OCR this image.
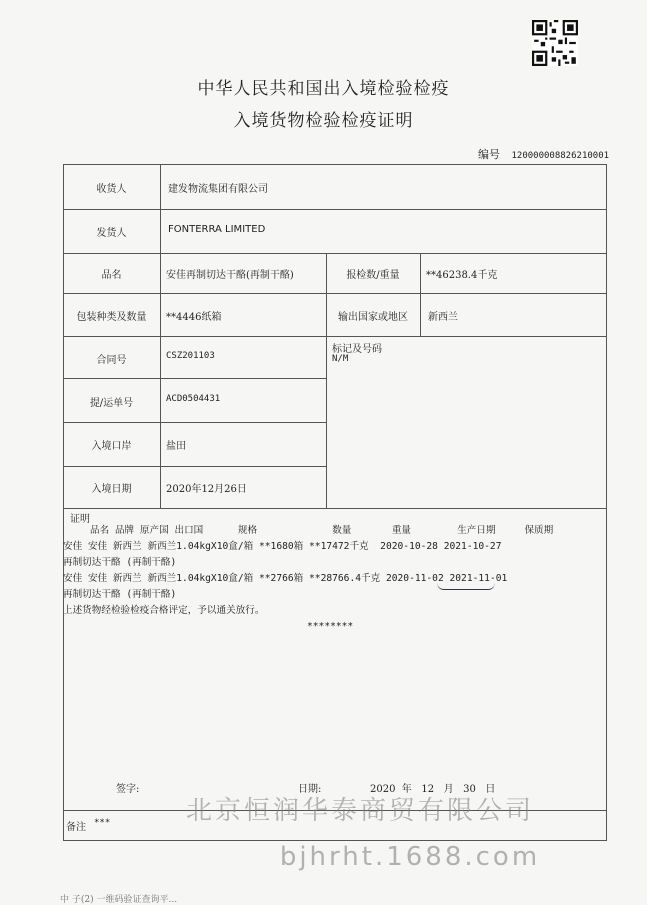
中华人民共和国出入境检验检疫
入境货物检验检疫证明
编号 120000008826210001
收货人	建发物流集团有限公司
发货人	FONTERRA LIMITED
品名	安佳再制切达干酪(再制干酪)	报检数/重量	**46238.4千克
包装种类及数量	**4446纸箱	输出国家或地区	新西兰
合同号	CSZ201103
标记及号码
N/M
提/运单号	ACD0504431
入境口岸	盐田
入境日期	2020年12月26日
证明
品名 品牌 原产国 出口国      规格             数量       重量        生产日期     保质期
安佳 安佳 新西兰 新西兰1.04kgX10盒/箱 **1680箱 **17472千克  2020-10-28 2021-10-27
再制切达干酪 (再制干酪)
安佳 安佳 新西兰 新西兰1.04kgX10盒/箱 **2766箱 **28766.4千克 2020-11-02 2021-11-01
再制切达干酪 (再制干酪)
上述货物经检验检疫合格评定，予以通关放行。
********
签字:	日期:	2020  年   12   月   30   日
备注 ***	北京恒润华泰商贸有限公司
bjhrht.1688.com
中 子(2) 一维码验证查询平...
